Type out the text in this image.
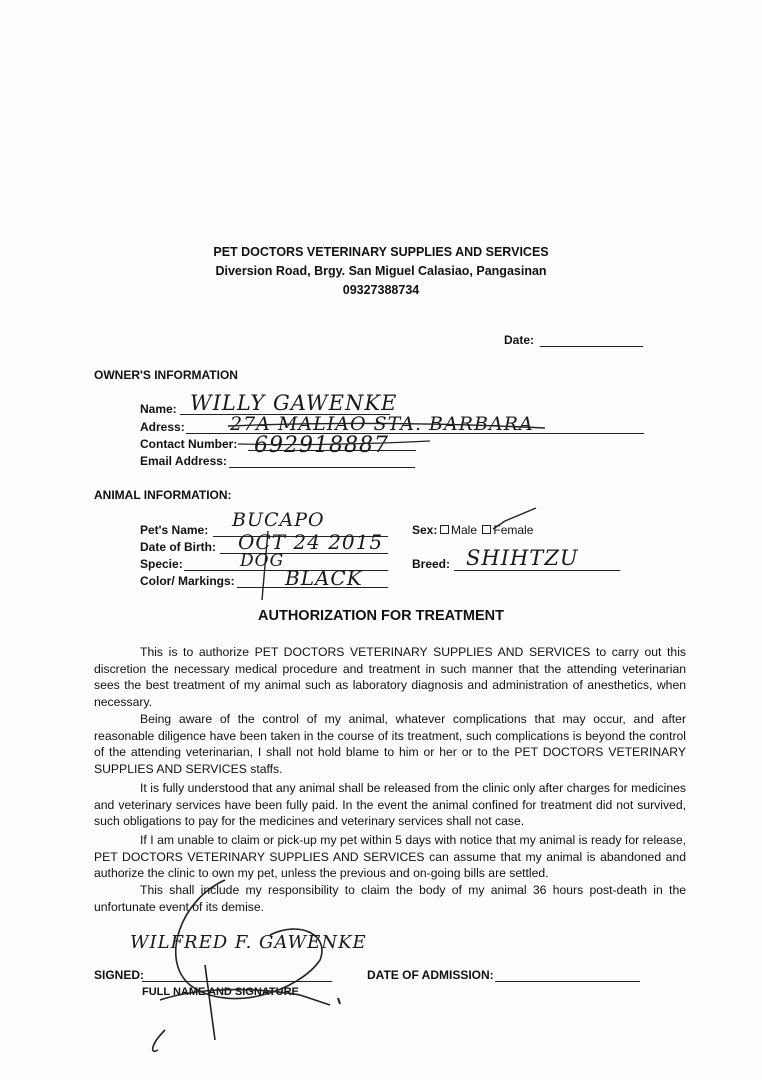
PET DOCTORS VETERINARY SUPPLIES AND SERVICES
Diversion Road, Brgy. San Miguel Calasiao, Pangasinan
09327388734
Date:
OWNER'S INFORMATION
Name: WILLY GAWENKE
Adress: 27A MALIAO STA. BARBARA
Contact Number: 692918887
Email Address:
ANIMAL INFORMATION:
Pet's Name: BUCAPO
Date of Birth: OCT 24 2015
Specie:	DOG
Color/ Markings:	BLACK
Sex:	Male Female
Breed: SHIHTZU
AUTHORIZATION FOR TREATMENT
This is to authorize PET DOCTORS VETERINARY SUPPLIES AND SERVICES to carry out this discretion the necessary medical procedure and treatment in such manner that the attending veterinarian sees the best treatment of my animal such as laboratory diagnosis and administration of anesthetics, when necessary.
Being aware of the control of my animal, whatever complications that may occur, and after reasonable diligence have been taken in the course of its treatment, such complications is beyond the control of the attending veterinarian, I shall not hold blame to him or her or to the PET DOCTORS VETERINARY SUPPLIES AND SERVICES staffs.
It is fully understood that any animal shall be released from the clinic only after charges for medicines and veterinary services have been fully paid. In the event the animal confined for treatment did not survived, such obligations to pay for the medicines and veterinary services shall not case.
If I am unable to claim or pick-up my pet within 5 days with notice that my animal is ready for release, PET DOCTORS VETERINARY SUPPLIES AND SERVICES can assume that my animal is abandoned and authorize the clinic to own my pet, unless the previous and on-going bills are settled.
This shall include my responsibility to claim the body of my animal 36 hours post-death in the unfortunate event of its demise.
WILFRED F. GAWENKE
SIGNED:
FULL NAME AND SIGNATURE
DATE OF ADMISSION:
